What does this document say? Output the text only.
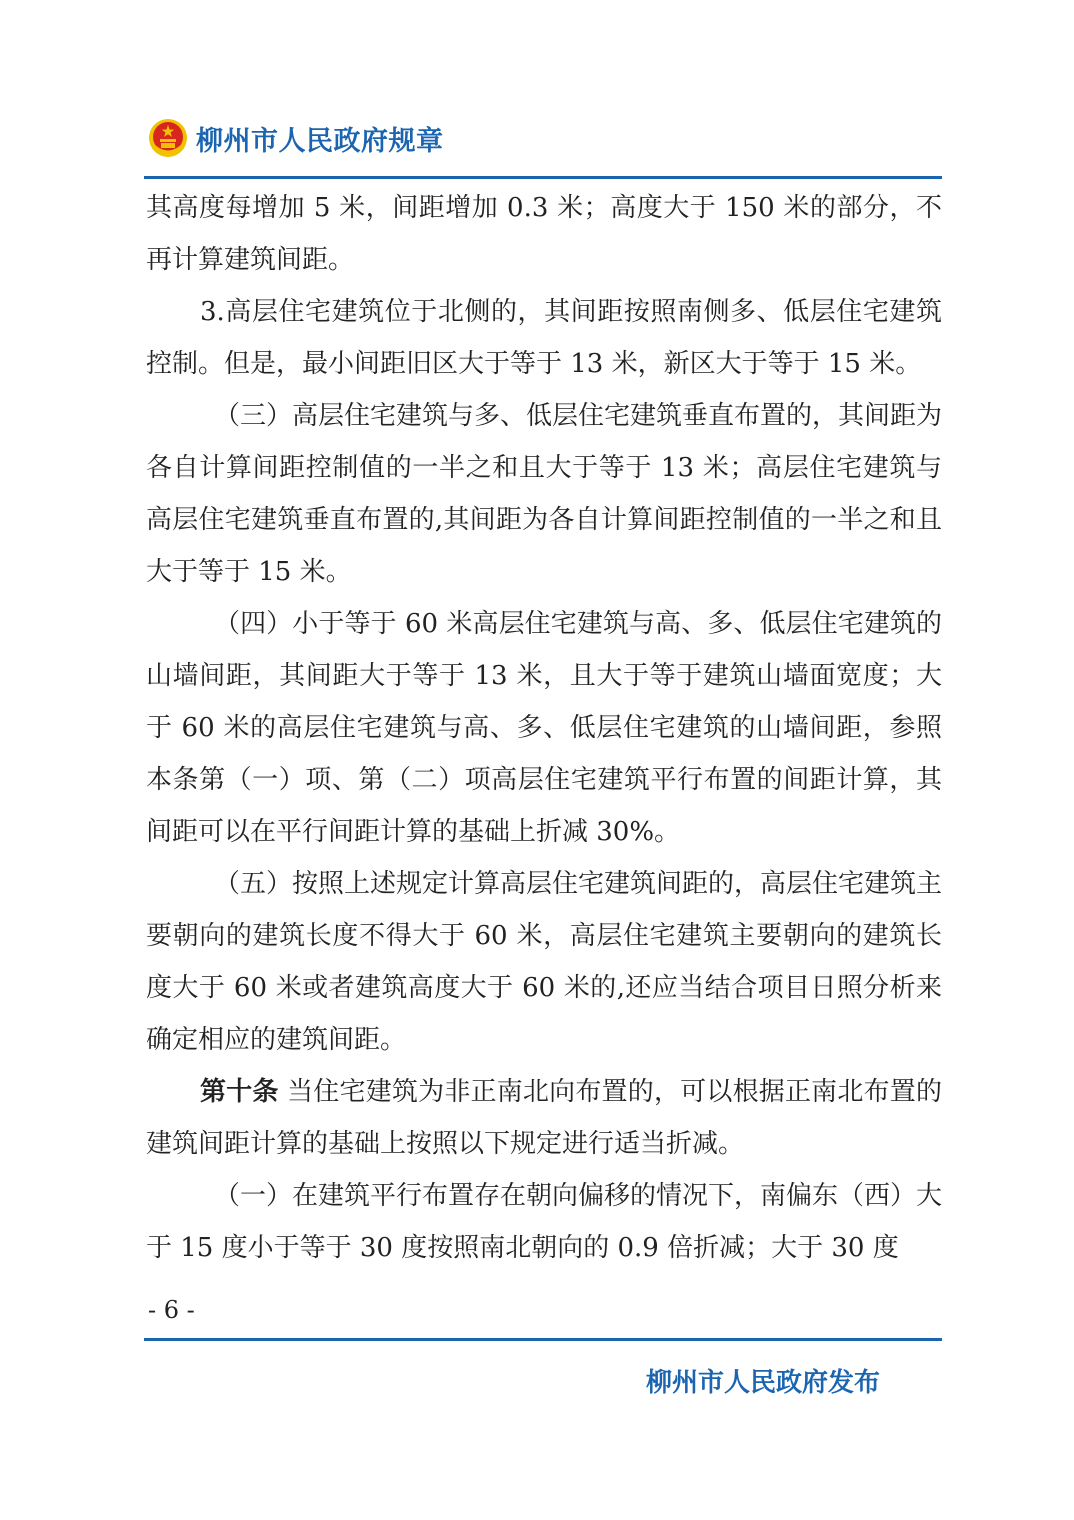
柳州市人民政府规章

其高度每增加 5 米，间距增加 0.3 米；高度大于 150 米的部分，不再计算建筑间距。

3.高层住宅建筑位于北侧的，其间距按照南侧多、低层住宅建筑控制。但是，最小间距旧区大于等于 13 米，新区大于等于 15 米。

（三）高层住宅建筑与多、低层住宅建筑垂直布置的，其间距为各自计算间距控制值的一半之和且大于等于 13 米；高层住宅建筑与高层住宅建筑垂直布置的,其间距为各自计算间距控制值的一半之和且大于等于 15 米。

（四）小于等于 60 米高层住宅建筑与高、多、低层住宅建筑的山墙间距，其间距大于等于 13 米，且大于等于建筑山墙面宽度；大于 60 米的高层住宅建筑与高、多、低层住宅建筑的山墙间距，参照本条第（一）项、第（二）项高层住宅建筑平行布置的间距计算，其间距可以在平行间距计算的基础上折减 30%。

（五）按照上述规定计算高层住宅建筑间距的，高层住宅建筑主要朝向的建筑长度不得大于 60 米，高层住宅建筑主要朝向的建筑长度大于 60 米或者建筑高度大于 60 米的,还应当结合项目日照分析来确定相应的建筑间距。

第十条 当住宅建筑为非正南北向布置的，可以根据正南北布置的建筑间距计算的基础上按照以下规定进行适当折减。

（一）在建筑平行布置存在朝向偏移的情况下，南偏东（西）大于 15 度小于等于 30 度按照南北朝向的 0.9 倍折减；大于 30 度

- 6 -
柳州市人民政府发布
